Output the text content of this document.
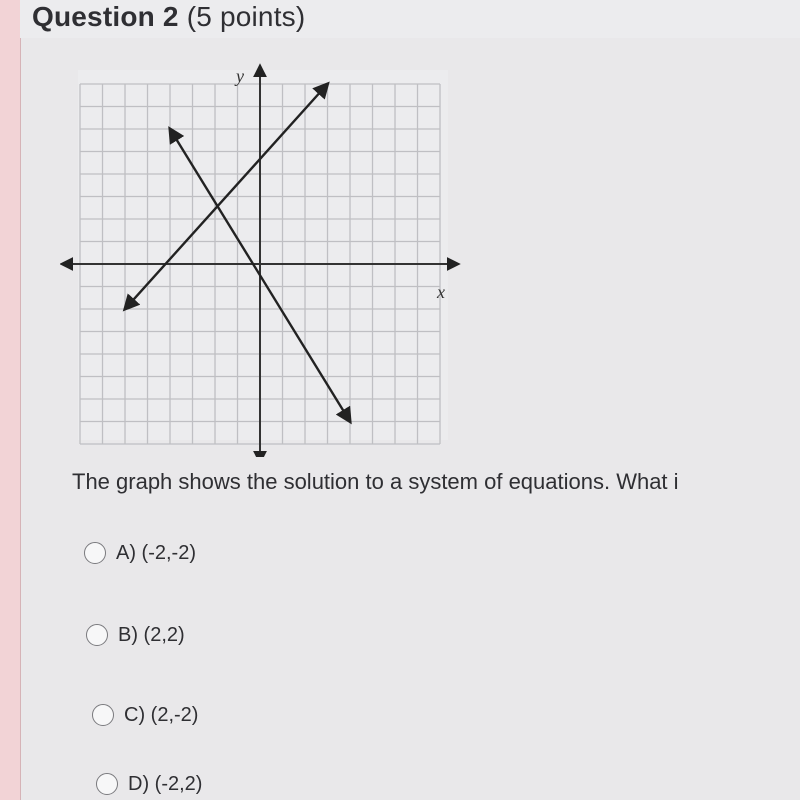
Question 2 (5 points)
y
x
The graph shows the solution to a system of equations. What i
A) (-2,-2)
B) (2,2)
C) (2,-2)
D) (-2,2)
